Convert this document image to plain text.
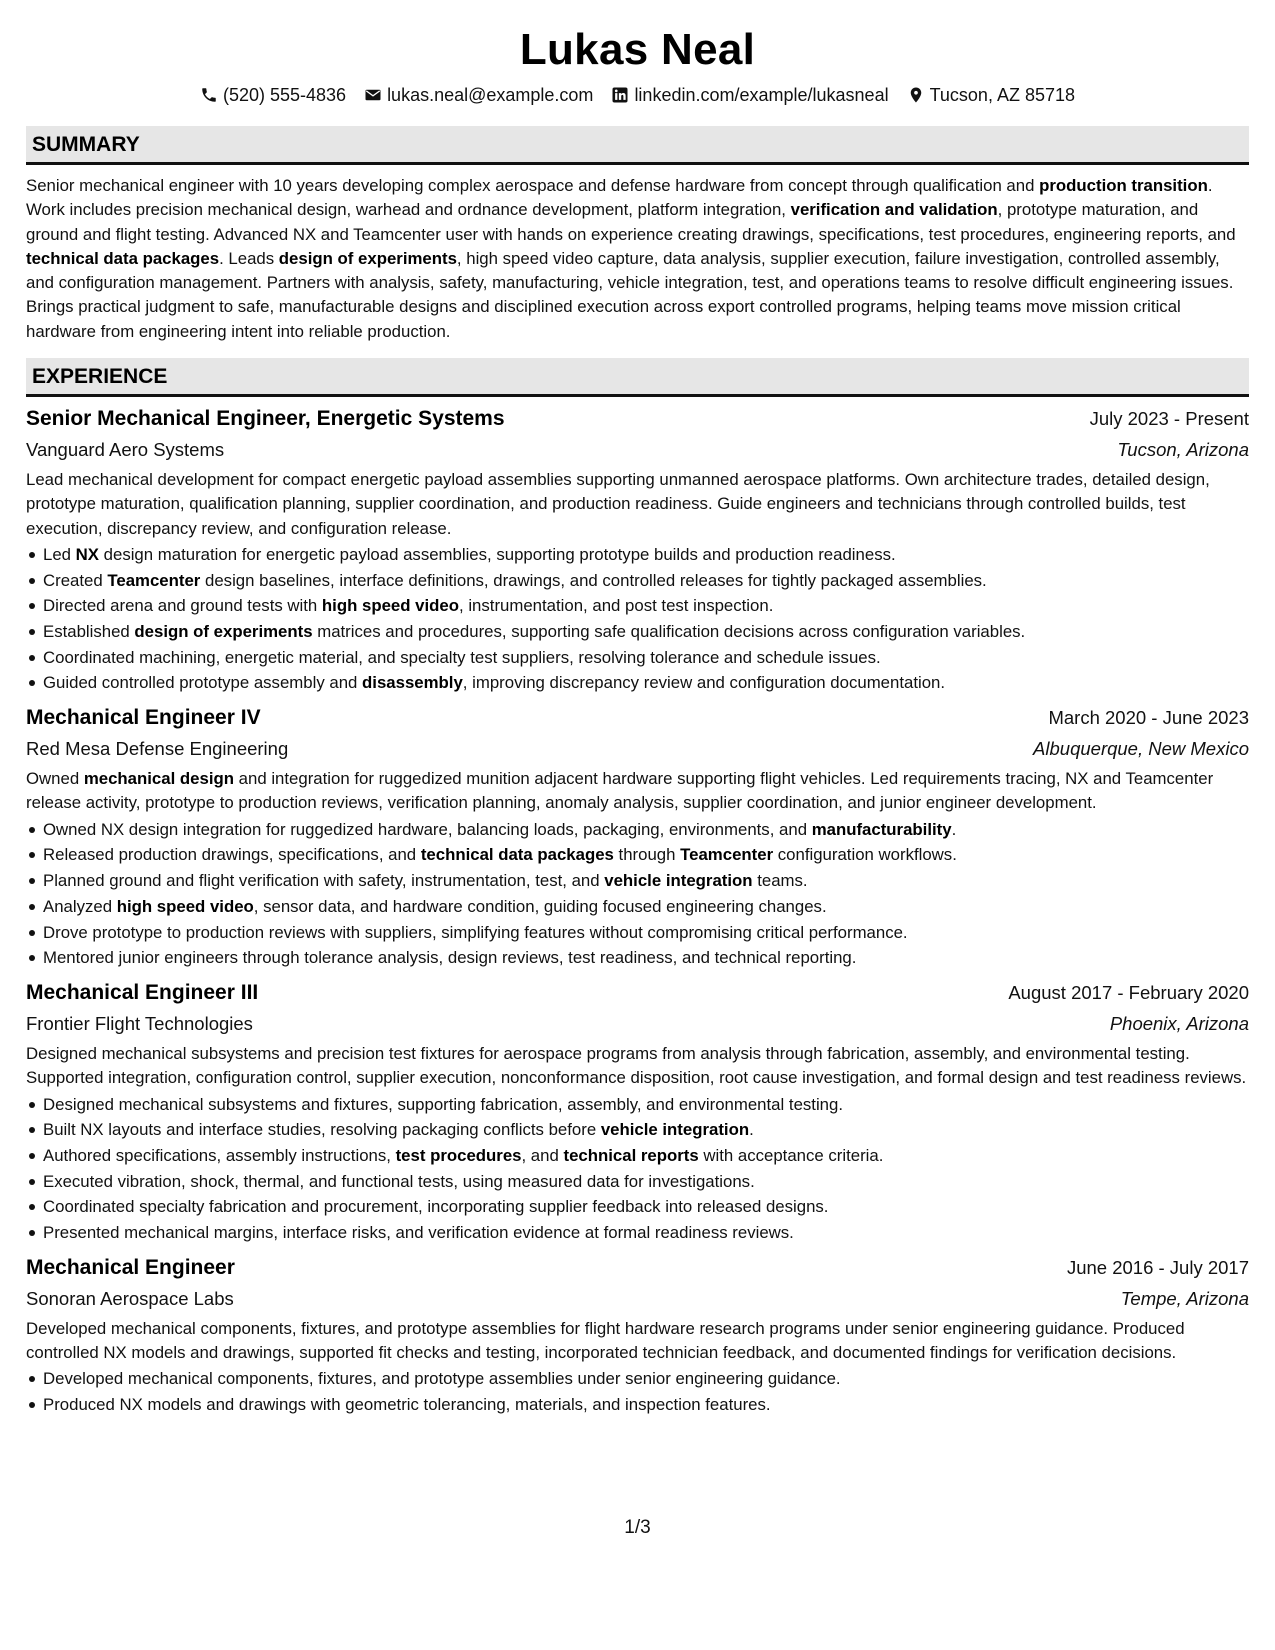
Lukas Neal
(520) 555-4836 lukas.neal@example.com linkedin.com/example/lukasneal Tucson, AZ 85718
SUMMARY

Senior mechanical engineer with 10 years developing complex aerospace and defense hardware from concept through qualification and production transition. Work includes precision mechanical design, warhead and ordnance development, platform integration, verification and validation, prototype maturation, and ground and flight testing. Advanced NX and Teamcenter user with hands on experience creating drawings, specifications, test procedures, engineering reports, and technical data packages. Leads design of experiments, high speed video capture, data analysis, supplier execution, failure investigation, controlled assembly, and configuration management. Partners with analysis, safety, manufacturing, vehicle integration, test, and operations teams to resolve difficult engineering issues. Brings practical judgment to safe, manufacturable designs and disciplined execution across export controlled programs, helping teams move mission critical hardware from engineering intent into reliable production.

EXPERIENCE
Senior Mechanical Engineer, Energetic Systems	July 2023 - Present
Vanguard Aero Systems	Tucson, Arizona

Lead mechanical development for compact energetic payload assemblies supporting unmanned aerospace platforms. Own architecture trades, detailed design, prototype maturation, qualification planning, supplier coordination, and production readiness. Guide engineers and technicians through controlled builds, test execution, discrepancy review, and configuration release.

Led NX design maturation for energetic payload assemblies, supporting prototype builds and production readiness.
Created Teamcenter design baselines, interface definitions, drawings, and controlled releases for tightly packaged assemblies.
Directed arena and ground tests with high speed video, instrumentation, and post test inspection.
Established design of experiments matrices and procedures, supporting safe qualification decisions across configuration variables.
Coordinated machining, energetic material, and specialty test suppliers, resolving tolerance and schedule issues.
Guided controlled prototype assembly and disassembly, improving discrepancy review and configuration documentation.
Mechanical Engineer IV	March 2020 - June 2023
Red Mesa Defense Engineering	Albuquerque, New Mexico

Owned mechanical design and integration for ruggedized munition adjacent hardware supporting flight vehicles. Led requirements tracing, NX and Teamcenter release activity, prototype to production reviews, verification planning, anomaly analysis, supplier coordination, and junior engineer development.

Owned NX design integration for ruggedized hardware, balancing loads, packaging, environments, and manufacturability.
Released production drawings, specifications, and technical data packages through Teamcenter configuration workflows.
Planned ground and flight verification with safety, instrumentation, test, and vehicle integration teams.
Analyzed high speed video, sensor data, and hardware condition, guiding focused engineering changes.
Drove prototype to production reviews with suppliers, simplifying features without compromising critical performance.
Mentored junior engineers through tolerance analysis, design reviews, test readiness, and technical reporting.
Mechanical Engineer III	August 2017 - February 2020
Frontier Flight Technologies	Phoenix, Arizona

Designed mechanical subsystems and precision test fixtures for aerospace programs from analysis through fabrication, assembly, and environmental testing. Supported integration, configuration control, supplier execution, nonconformance disposition, root cause investigation, and formal design and test readiness reviews.

Designed mechanical subsystems and fixtures, supporting fabrication, assembly, and environmental testing.
Built NX layouts and interface studies, resolving packaging conflicts before vehicle integration.
Authored specifications, assembly instructions, test procedures, and technical reports with acceptance criteria.
Executed vibration, shock, thermal, and functional tests, using measured data for investigations.
Coordinated specialty fabrication and procurement, incorporating supplier feedback into released designs.
Presented mechanical margins, interface risks, and verification evidence at formal readiness reviews.
Mechanical Engineer	June 2016 - July 2017
Sonoran Aerospace Labs	Tempe, Arizona

Developed mechanical components, fixtures, and prototype assemblies for flight hardware research programs under senior engineering guidance. Produced controlled NX models and drawings, supported fit checks and testing, incorporated technician feedback, and documented findings for verification decisions.

Developed mechanical components, fixtures, and prototype assemblies under senior engineering guidance.
Produced NX models and drawings with geometric tolerancing, materials, and inspection features.
1/3
